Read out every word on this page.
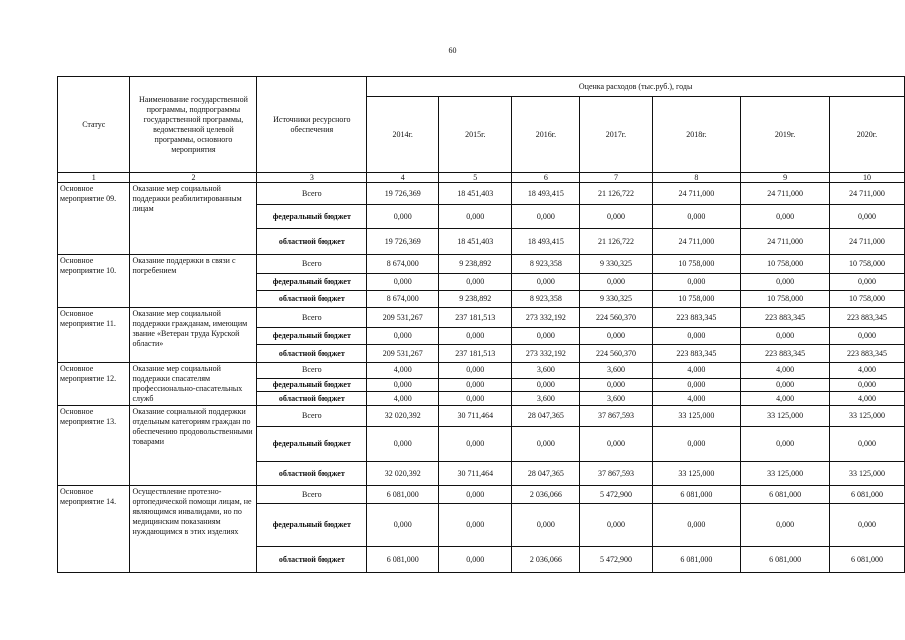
60
Статус	Наименование государственной программы, подпрограммы государственной программы, ведомственной целевой программы, основного мероприятия	Источники ресурсного обеспечения	Оценка расходов (тыс.руб.), годы						
			2014г.	2015г.	2016г.	2017г.	2018г.	2019г.	2020г.
1	2	3	4	5	6	7	8	9	10
Основное мероприятие 09.	Оказание мер социальной поддержки реабилитированным лицам	Всего	19 726,369	18 451,403	18 493,415	21 126,722	24 711,000	24 711,000	24 711,000
		федеральный бюджет	0,000	0,000	0,000	0,000	0,000	0,000	0,000
		областной бюджет	19 726,369	18 451,403	18 493,415	21 126,722	24 711,000	24 711,000	24 711,000
Основное мероприятие 10.	Оказание поддержки в связи с погребением	Всего	8 674,000	9 238,892	8 923,358	9 330,325	10 758,000	10 758,000	10 758,000
		федеральный бюджет	0,000	0,000	0,000	0,000	0,000	0,000	0,000
		областной бюджет	8 674,000	9 238,892	8 923,358	9 330,325	10 758,000	10 758,000	10 758,000
Основное мероприятие 11.	Оказание мер социальной поддержки гражданам, имеющим звание «Ветеран труда Курской области»	Всего	209 531,267	237 181,513	273 332,192	224 560,370	223 883,345	223 883,345	223 883,345
		федеральный бюджет	0,000	0,000	0,000	0,000	0,000	0,000	0,000
		областной бюджет	209 531,267	237 181,513	273 332,192	224 560,370	223 883,345	223 883,345	223 883,345
Основное мероприятие 12.	Оказание мер социальной поддержки спасателям профессионально-спасательных служб	Всего	4,000	0,000	3,600	3,600	4,000	4,000	4,000
		федеральный бюджет	0,000	0,000	0,000	0,000	0,000	0,000	0,000
		областной бюджет	4,000	0,000	3,600	3,600	4,000	4,000	4,000
Основное мероприятие 13.	Оказание социальной поддержки отдельным категориям граждан по обеспечению продовольственными товарами	Всего	32 020,392	30 711,464	28 047,365	37 867,593	33 125,000	33 125,000	33 125,000
		федеральный бюджет	0,000	0,000	0,000	0,000	0,000	0,000	0,000
		областной бюджет	32 020,392	30 711,464	28 047,365	37 867,593	33 125,000	33 125,000	33 125,000
Основное мероприятие 14.	Осуществление протезно-ортопедической помощи лицам, не являющимся инвалидами, но по медицинским показаниям нуждающимся в этих изделиях	Всего	6 081,000	0,000	2 036,066	5 472,900	6 081,000	6 081,000	6 081,000
		федеральный бюджет	0,000	0,000	0,000	0,000	0,000	0,000	0,000
		областной бюджет	6 081,000	0,000	2 036,066	5 472,900	6 081,000	6 081,000	6 081,000
